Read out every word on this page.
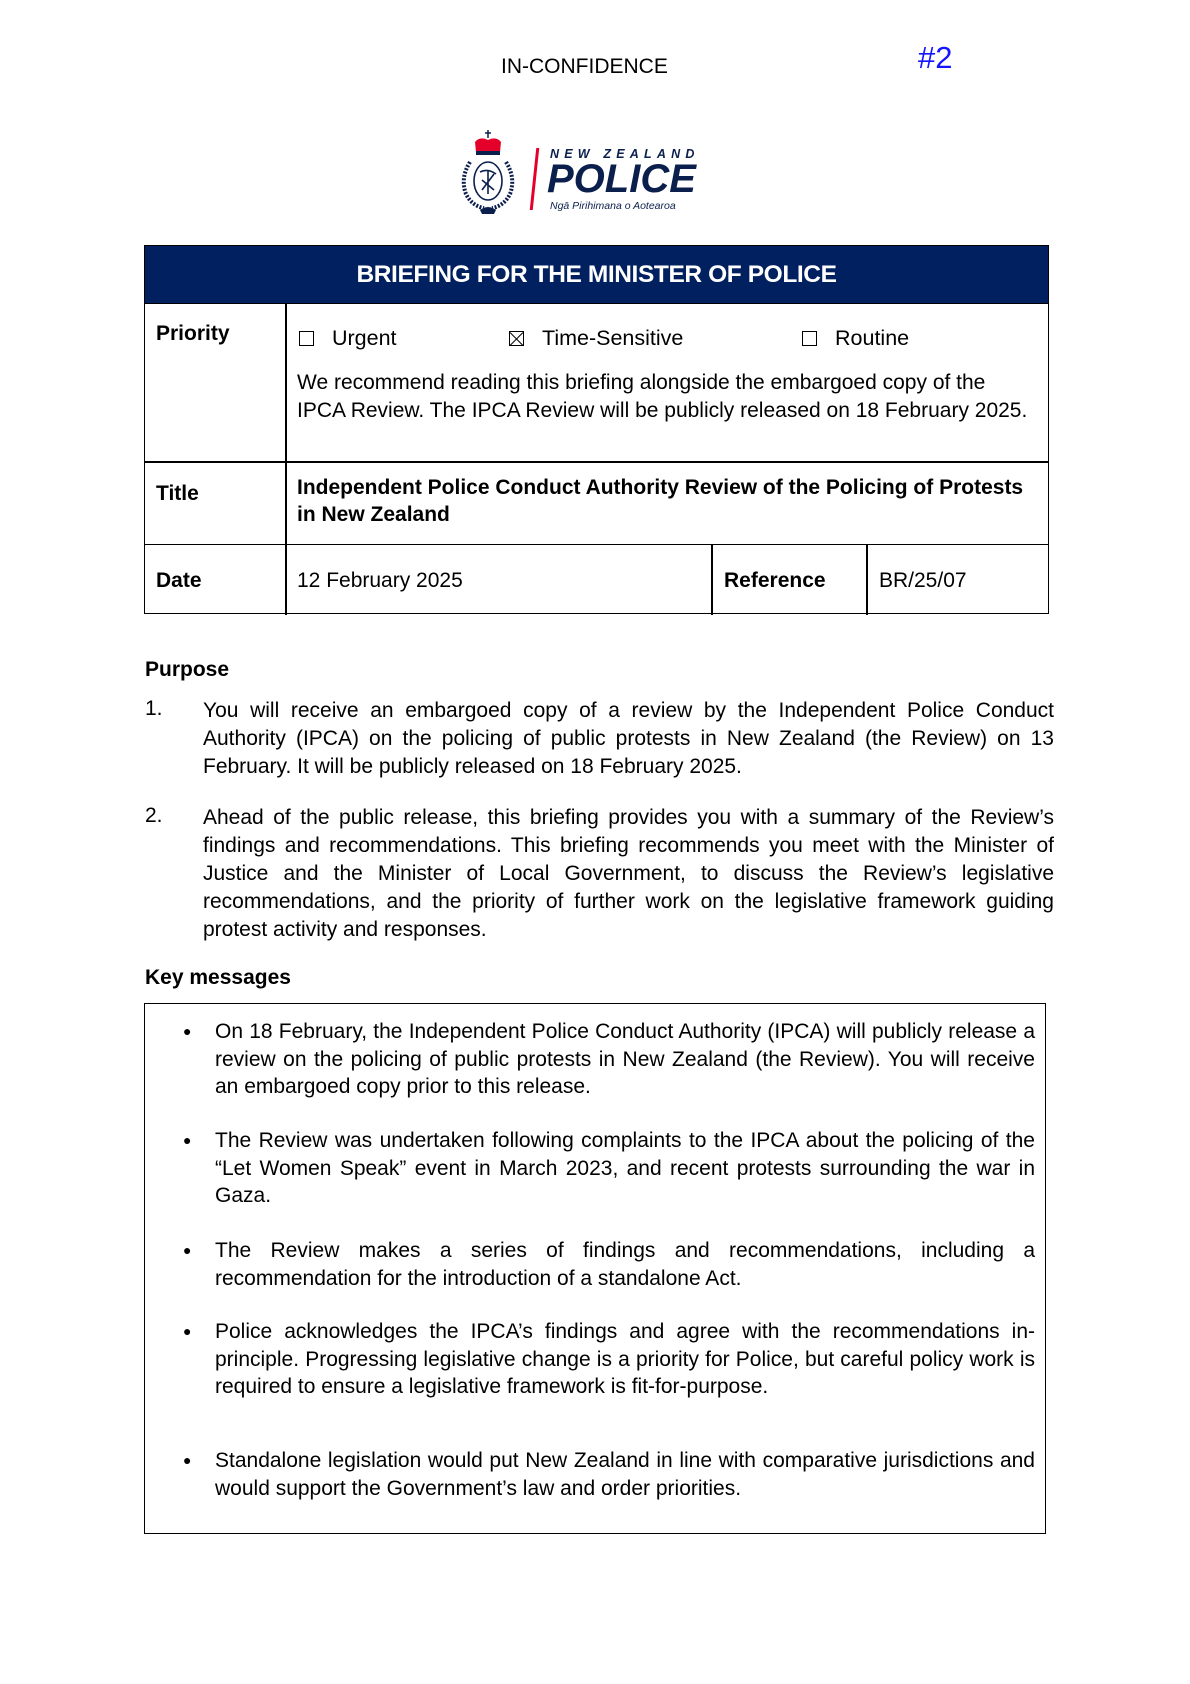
IN-CONFIDENCE	#2
NEW ZEALAND
POLICE
Ngā Pirihimana o Aotearoa
BRIEFING FOR THE MINISTER OF POLICE
Priority	Urgent	Time-Sensitive	Routine
We recommend reading this briefing alongside the embargoed copy of the IPCA Review. The IPCA Review will be publicly released on 18 February 2025.
Title	Independent Police Conduct Authority Review of the Policing of Protests in New Zealand
Date	12 February 2025	Reference	BR/25/07
Purpose
1. You will receive an embargoed copy of a review by the Independent Police Conduct Authority (IPCA) on the policing of public protests in New Zealand (the Review) on 13 February. It will be publicly released on 18 February 2025.
2. Ahead of the public release, this briefing provides you with a summary of the Review’s findings and recommendations. This briefing recommends you meet with the Minister of Justice and the Minister of Local Government, to discuss the Review’s legislative recommendations, and the priority of further work on the legislative framework guiding protest activity and responses.
Key messages
● On 18 February, the Independent Police Conduct Authority (IPCA) will publicly release a review on the policing of public protests in New Zealand (the Review). You will receive an embargoed copy prior to this release.
● The Review was undertaken following complaints to the IPCA about the policing of the “Let Women Speak” event in March 2023, and recent protests surrounding the war in Gaza.
● The Review makes a series of findings and recommendations, including a recommendation for the introduction of a standalone Act.
● Police acknowledges the IPCA’s findings and agree with the recommendations in-principle. Progressing legislative change is a priority for Police, but careful policy work is required to ensure a legislative framework is fit-for-purpose.
● Standalone legislation would put New Zealand in line with comparative jurisdictions and would support the Government’s law and order priorities.
